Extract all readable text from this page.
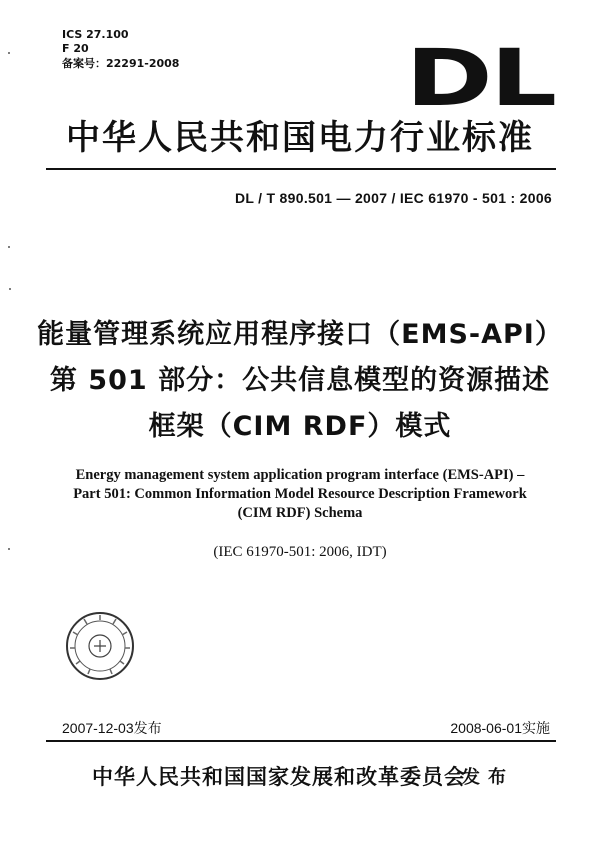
ICS 27.100
F 20
备案号：22291-2008	DL
中华人民共和国电力行业标准
DL / T 890.501 — 2007 / IEC 61970 - 501 : 2006
能量管理系统应用程序接口（EMS-API）
第 501 部分：公共信息模型的资源描述
框架（CIM RDF）模式
Energy management system application program interface (EMS-API) –
Part 501: Common Information Model Resource Description Framework
(CIM RDF) Schema
(IEC 61970-501: 2006, IDT)
2007-12-03发布	2008-06-01实施
中华人民共和国国家发展和改革委员会
发布
